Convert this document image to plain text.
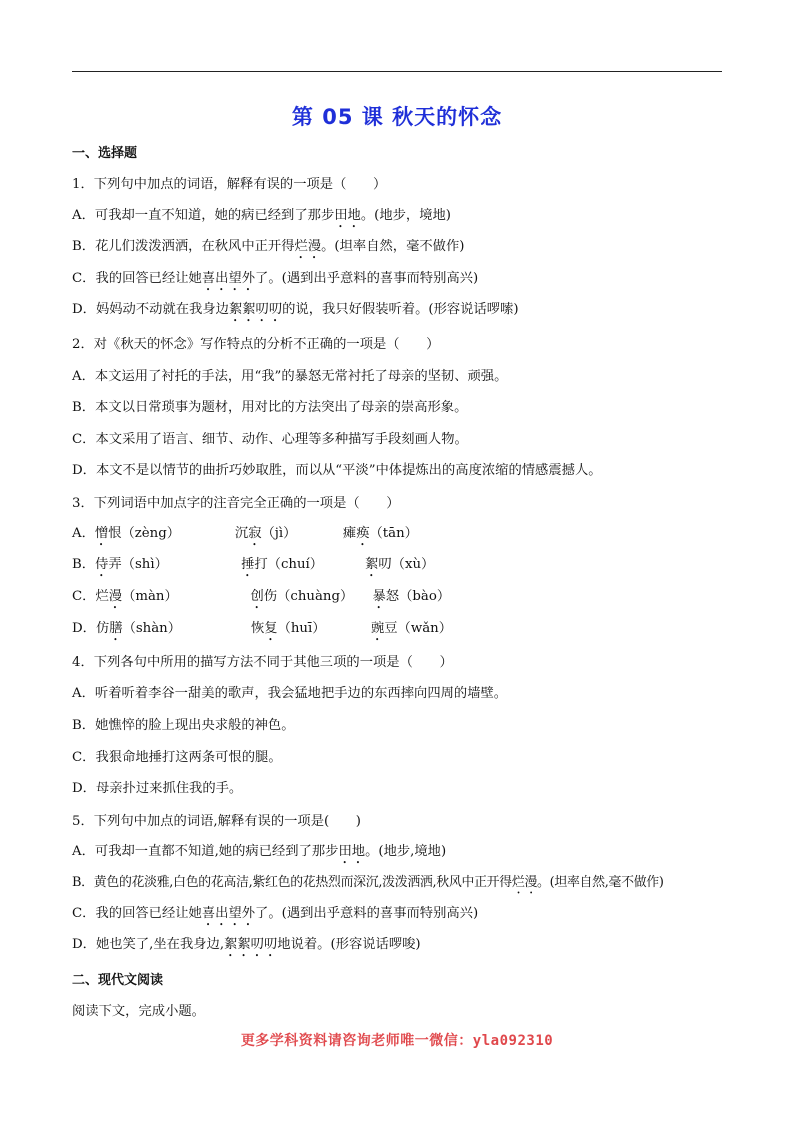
第 05 课 秋天的怀念
一、选择题
1．下列句中加点的词语，解释有误的一项是（　　）
A．可我却一直不知道，她的病已经到了那步田地。(地步，境地)
B．花儿们泼泼洒洒，在秋风中正开得烂漫。(坦率自然，毫不做作)
C．我的回答已经让她喜出望外了。(遇到出乎意料的喜事而特别高兴)
D．妈妈动不动就在我身边絮絮叨叨的说，我只好假装听着。(形容说话啰嗦)
2．对《秋天的怀念》写作特点的分析不正确的一项是（　　）
A．本文运用了衬托的手法，用“我”的暴怒无常衬托了母亲的坚韧、顽强。
B．本文以日常琐事为题材，用对比的方法突出了母亲的崇高形象。
C．本文采用了语言、细节、动作、心理等多种描写手段刻画人物。
D．本文不是以情节的曲折巧妙取胜，而以从“平淡”中体提炼出的高度浓缩的情感震撼人。
3．下列词语中加点字的注音完全正确的一项是（　　）
A．憎恨（zèng）	沉寂（jì）	瘫痪（tān）
B．侍弄（shì）	捶打（chuí）	絮叨（xù）
C．烂漫（màn）	创伤（chuàng） 暴怒（bào）
D．仿膳（shàn）	恢复（huī）	豌豆（wǎn）
4．下列各句中所用的描写方法不同于其他三项的一项是（　　）
A．听着听着李谷一甜美的歌声，我会猛地把手边的东西摔向四周的墙壁。
B．她憔悴的脸上现出央求般的神色。
C．我狠命地捶打这两条可恨的腿。
D．母亲扑过来抓住我的手。
5．下列句中加点的词语,解释有误的一项是(　　)
A．可我却一直都不知道,她的病已经到了那步田地。(地步,境地)
B．黄色的花淡雅,白色的花高洁,紫红色的花热烈而深沉,泼泼洒洒,秋风中正开得烂漫。(坦率自然,毫不做作)
C．我的回答已经让她喜出望外了。(遇到出乎意料的喜事而特别高兴)
D．她也笑了,坐在我身边,絮絮叨叨地说着。(形容说话啰唆)
二、现代文阅读
阅读下文，完成小题。
更多学科资料请咨询老师唯一微信：yla092310
